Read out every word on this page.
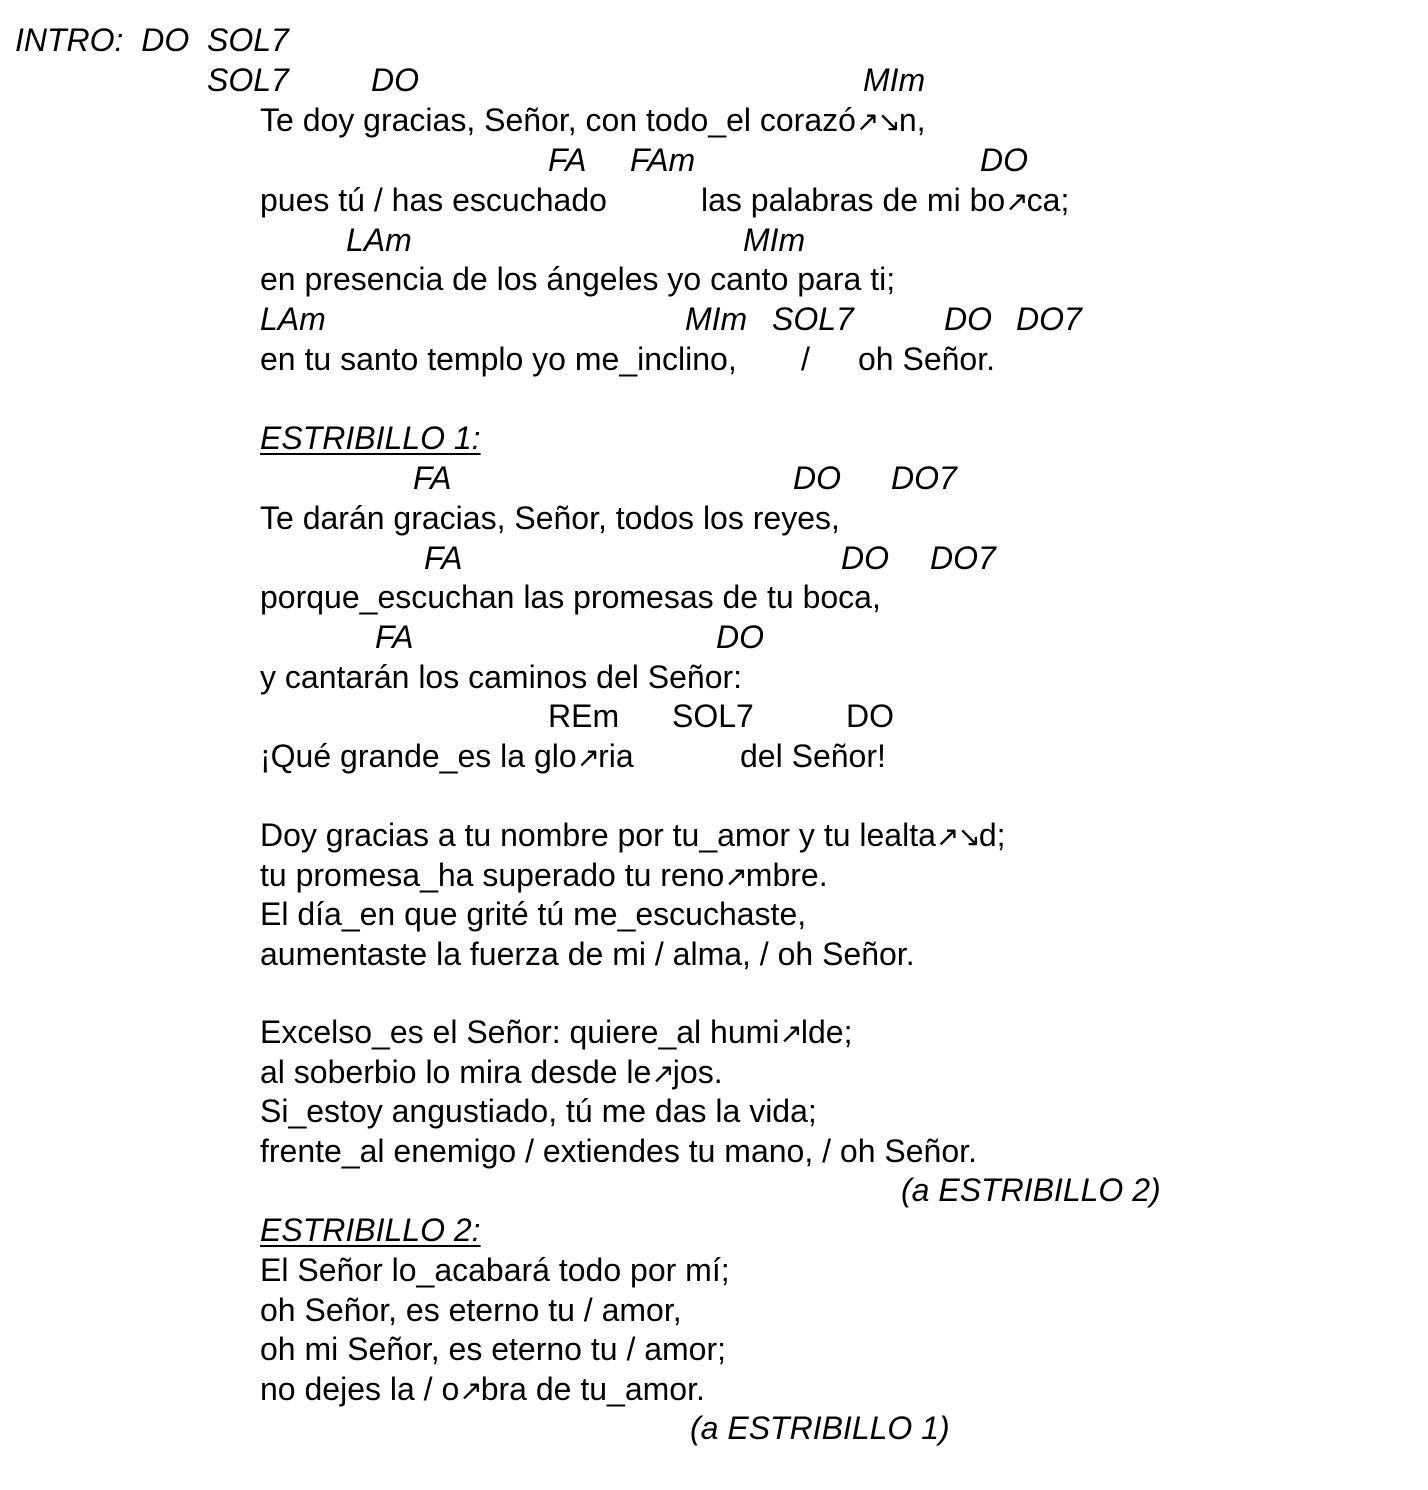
INTRO: DO  SOL7

SOL7	DO	MIm

Te doy gracias, Señor, con todo_el corazó↗↘n,

FA FAm	DO

pues tú / has escuchado	las palabras de mi bo↗ca;

LAm	MIm

en presencia de los ángeles yo canto para ti;

LAm	MIm SOL7	DO DO7

en tu santo templo yo me_inclino, / oh Señor.

ESTRIBILLO 1:

FA	DO DO7

Te darán gracias, Señor, todos los reyes,

FA	DO DO7

porque_escuchan las promesas de tu boca,

FA	DO

y cantarán los caminos del Señor:

REm SOL7	DO

¡Qué grande_es la glo↗ria	del Señor!

Doy gracias a tu nombre por tu_amor y tu lealta↗↘d;

tu promesa_ha superado tu reno↗mbre.

El día_en que grité tú me_escuchaste,

aumentaste la fuerza de mi / alma, / oh Señor.

Excelso_es el Señor: quiere_al humi↗lde;

al soberbio lo mira desde le↗jos.

Si_estoy angustiado, tú me das la vida;

frente_al enemigo / extiendes tu mano, / oh Señor.

(a ESTRIBILLO 2)

ESTRIBILLO 2:

El Señor lo_acabará todo por mí;

oh Señor, es eterno tu / amor,

oh mi Señor, es eterno tu / amor;

no dejes la / o↗bra de tu_amor.

(a ESTRIBILLO 1)
